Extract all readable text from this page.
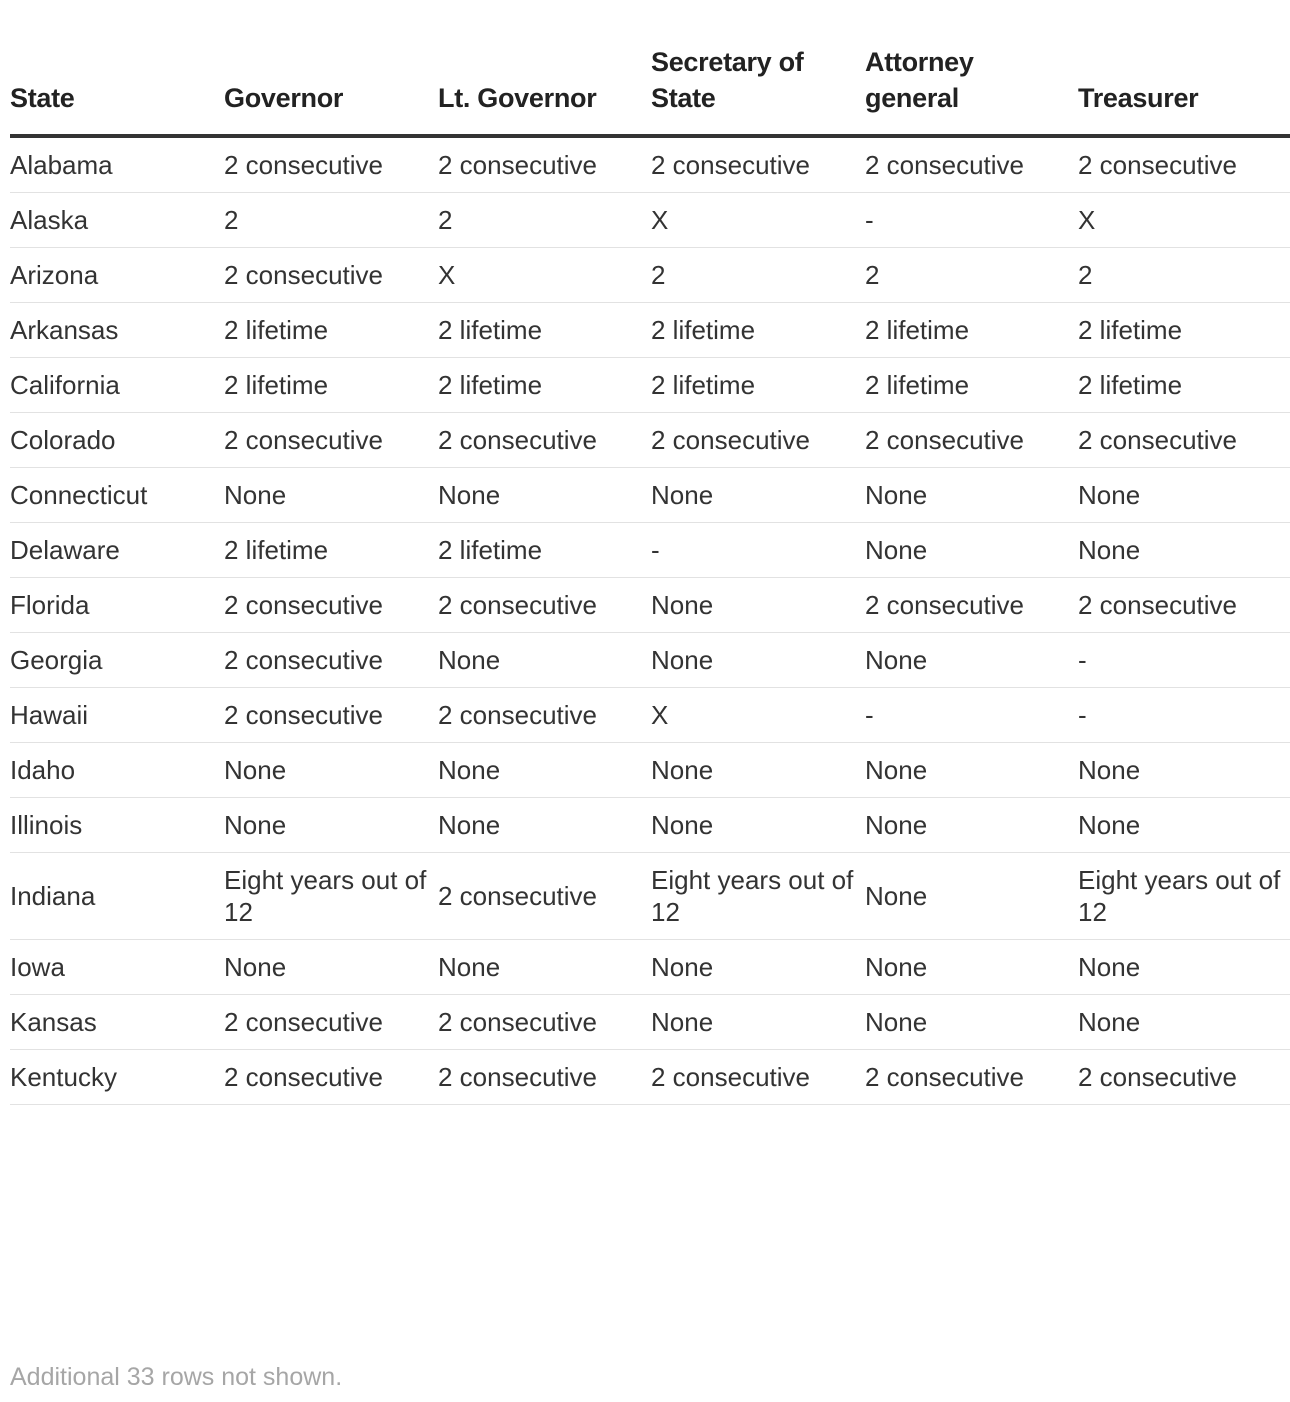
State	Governor	Lt. Governor	Secretary of State	Attorney general	Treasurer
Alabama	2 consecutive	2 consecutive	2 consecutive	2 consecutive	2 consecutive
Alaska	2	2	X	-	X
Arizona	2 consecutive	X	2	2	2
Arkansas	2 lifetime	2 lifetime	2 lifetime	2 lifetime	2 lifetime
California	2 lifetime	2 lifetime	2 lifetime	2 lifetime	2 lifetime
Colorado	2 consecutive	2 consecutive	2 consecutive	2 consecutive	2 consecutive
Connecticut	None	None	None	None	None
Delaware	2 lifetime	2 lifetime	-	None	None
Florida	2 consecutive	2 consecutive	None	2 consecutive	2 consecutive
Georgia	2 consecutive	None	None	None	-
Hawaii	2 consecutive	2 consecutive	X	-	-
Idaho	None	None	None	None	None
Illinois	None	None	None	None	None
Indiana	Eight years out of 12	2 consecutive	Eight years out of 12	None	Eight years out of 12
Iowa	None	None	None	None	None
Kansas	2 consecutive	2 consecutive	None	None	None
Kentucky	2 consecutive	2 consecutive	2 consecutive	2 consecutive	2 consecutive
Additional 33 rows not shown.
